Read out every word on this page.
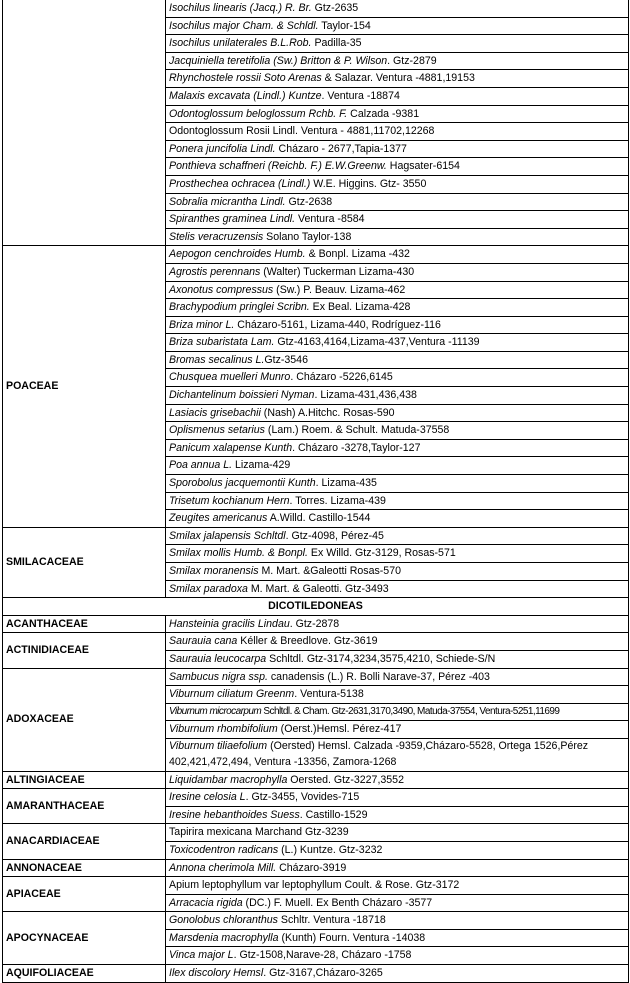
	Isochilus linearis (Jacq.) R. Br. Gtz-2635
	Isochilus major Cham. & Schldl. Taylor-154
	Isochilus unilaterales B.L.Rob. Padilla-35
	Jacquiniella teretifolia (Sw.) Britton & P. Wilson. Gtz-2879
	Rhynchostele rossii Soto Arenas & Salazar. Ventura -4881,19153
	Malaxis excavata (Lindl.) Kuntze. Ventura -18874
	Odontoglossum beloglossum Rchb. F. Calzada -9381
	Odontoglossum Rosii Lindl. Ventura - 4881,11702,12268
	Ponera juncifolia Lindl. Cházaro - 2677,Tapia-1377
	Ponthieva schaffneri (Reichb. F.) E.W.Greenw. Hagsater-6154
	Prosthechea ochracea (Lindl.) W.E. Higgins. Gtz- 3550
	Sobralia micrantha Lindl. Gtz-2638
	Spiranthes graminea Lindl. Ventura -8584
	Stelis veracruzensis Solano Taylor-138
POACEAE	Aepogon cenchroides Humb. & Bonpl. Lizama -432
	Agrostis perennans (Walter) Tuckerman Lizama-430
	Axonotus compressus (Sw.) P. Beauv. Lizama-462
	Brachypodium pringlei Scribn. Ex Beal. Lizama-428
	Briza minor L. Cházaro-5161, Lizama-440, Rodríguez-116
	Briza subaristata Lam. Gtz-4163,4164,Lizama-437,Ventura -11139
	Bromas secalinus L.Gtz-3546
	Chusquea muelleri Munro. Cházaro -5226,6145
	Dichantelinum boissieri Nyman. Lizama-431,436,438
	Lasiacis grisebachii (Nash) A.Hitchc. Rosas-590
	Oplismenus setarius (Lam.) Roem. & Schult. Matuda-37558
	Panicum xalapense Kunth. Cházaro -3278,Taylor-127
	Poa annua L. Lizama-429
	Sporobolus jacquemontii Kunth. Lizama-435
	Trisetum kochianum Hern. Torres. Lizama-439
	Zeugites americanus A.Willd. Castillo-1544
SMILACACEAE	Smilax jalapensis Schltdl. Gtz-4098, Pérez-45
	Smilax mollis Humb. & Bonpl. Ex Willd. Gtz-3129, Rosas-571
	Smilax moranensis M. Mart. &Galeotti Rosas-570
	Smilax paradoxa M. Mart. & Galeotti. Gtz-3493
DICOTILEDONEAS	
ACANTHACEAE	Hansteinia gracilis Lindau. Gtz-2878
ACTINIDIACEAE	Saurauia cana Kéller & Breedlove. Gtz-3619
	Saurauia leucocarpa Schltdl. Gtz-3174,3234,3575,4210, Schiede-S/N
ADOXACEAE	Sambucus nigra ssp. canadensis (L.) R. Bolli Narave-37, Pérez -403
	Viburnum ciliatum Greenm. Ventura-5138
	Viburnum microcarpum Schltdl. & Cham. Gtz-2631,3170,3490, Matuda-37554, Ventura-5251,11699
	Viburnum rhombifolium (Oerst.)Hemsl. Pérez-417
	Viburnum tiliaefolium (Oersted) Hemsl. Calzada -9359,Cházaro-5528, Ortega 1526,Pérez 402,421,472,494, Ventura -13356, Zamora-1268
ALTINGIACEAE	Liquidambar macrophylla Oersted. Gtz-3227,3552
AMARANTHACEAE	Iresine celosia L. Gtz-3455, Vovides-715
	Iresine hebanthoides Suess. Castillo-1529
ANACARDIACEAE	Tapirira mexicana Marchand Gtz-3239
	Toxicodentron radicans (L.) Kuntze. Gtz-3232
ANNONACEAE	Annona cherimola Mill. Cházaro-3919
APIACEAE	Apium leptophyllum var leptophyllum Coult. & Rose. Gtz-3172
	Arracacia rigida (DC.) F. Muell. Ex Benth Cházaro -3577
APOCYNACEAE	Gonolobus chloranthus Schltr. Ventura -18718
	Marsdenia macrophylla (Kunth) Fourn. Ventura -14038
	Vinca major L. Gtz-1508,Narave-28, Cházaro -1758
AQUIFOLIACEAE	Ilex discolory Hemsl. Gtz-3167,Cházaro-3265
